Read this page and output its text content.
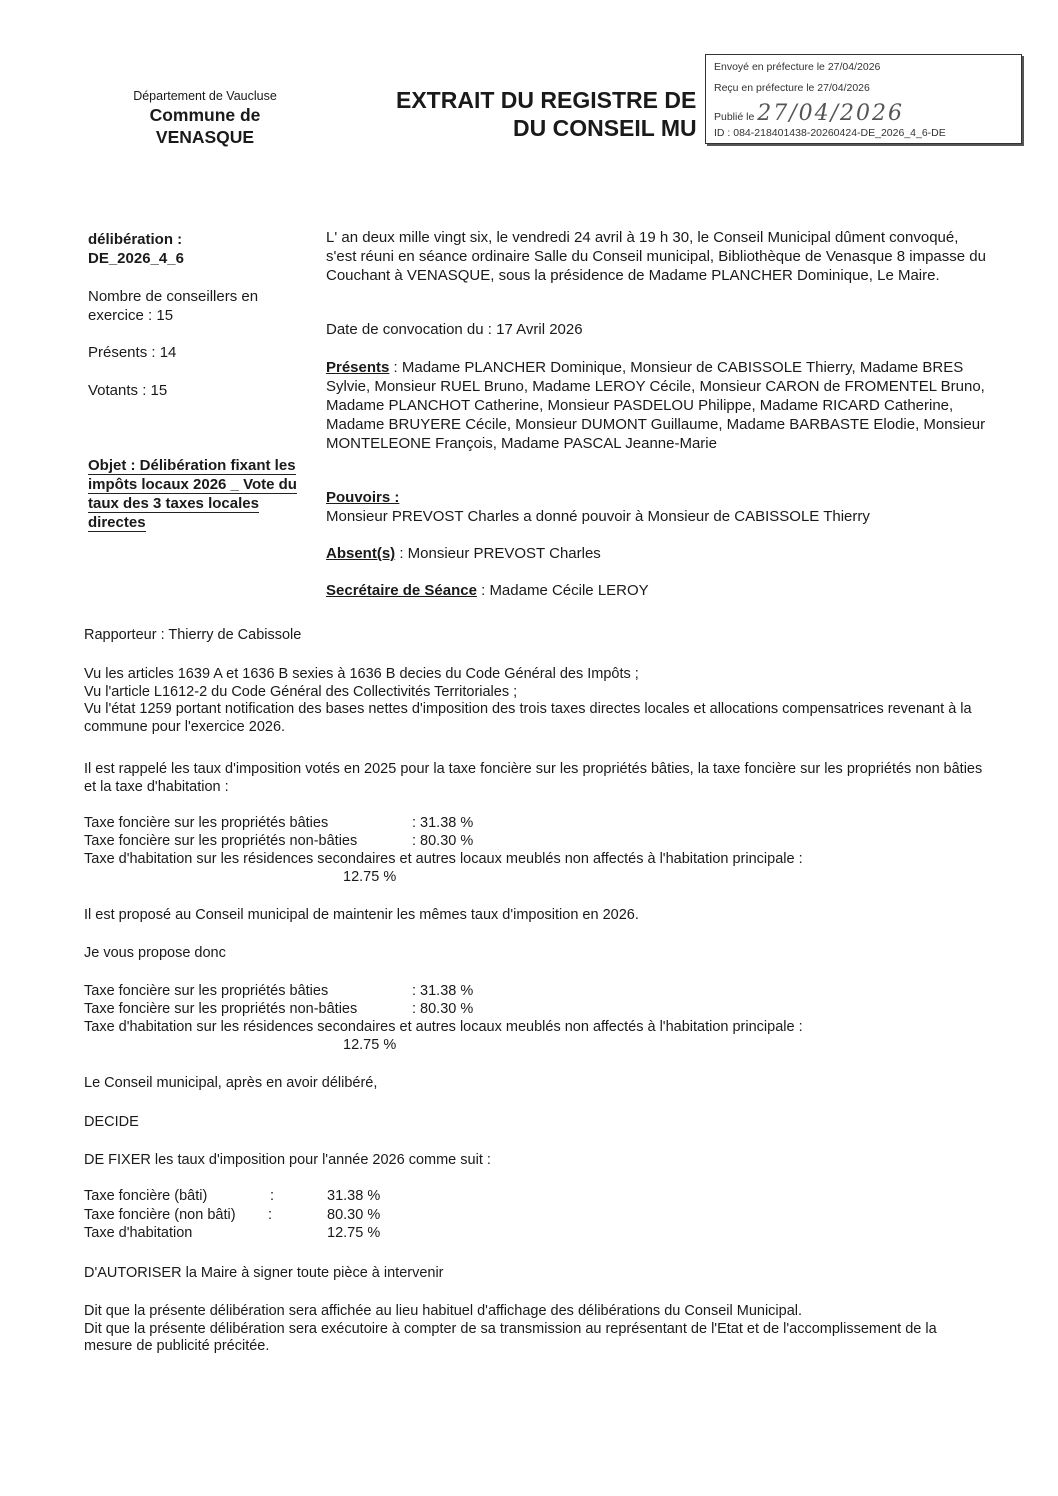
Département de Vaucluse
Commune de
VENASQUE
EXTRAIT DU REGISTRE DE
DU CONSEIL MU
Envoyé en préfecture le 27/04/2026
Reçu en préfecture le 27/04/2026
Publié le 27/04/2026
ID : 084-218401438-20260424-DE_2026_4_6-DE
délibération :
DE_2026_4_6
Nombre de conseillers en exercice : 15
Présents : 14
Votants : 15
Objet : Délibération fixant les impôts locaux 2026 _ Vote du taux des 3 taxes locales directes
L' an deux mille vingt six, le vendredi 24 avril à 19 h 30, le Conseil Municipal dûment convoqué, s'est réuni en séance ordinaire Salle du Conseil municipal, Bibliothèque de Venasque 8 impasse du Couchant à VENASQUE, sous la présidence de Madame PLANCHER Dominique, Le Maire.
Date de convocation du : 17 Avril 2026
Présents : Madame PLANCHER Dominique, Monsieur de CABISSOLE Thierry, Madame BRES Sylvie, Monsieur RUEL Bruno, Madame LEROY Cécile, Monsieur CARON de FROMENTEL Bruno, Madame PLANCHOT Catherine, Monsieur PASDELOU Philippe, Madame RICARD Catherine, Madame BRUYERE Cécile, Monsieur DUMONT Guillaume, Madame BARBASTE Elodie, Monsieur MONTELEONE François, Madame PASCAL Jeanne-Marie
Pouvoirs :
Monsieur PREVOST Charles a donné pouvoir à Monsieur de CABISSOLE Thierry
Absent(s) : Monsieur PREVOST Charles
Secrétaire de Séance : Madame Cécile LEROY
Rapporteur : Thierry de Cabissole
Vu les articles 1639 A et 1636 B sexies à 1636 B decies du Code Général des Impôts ;
Vu l'article L1612-2 du Code Général des Collectivités Territoriales ;
Vu l'état 1259 portant notification des bases nettes d'imposition des trois taxes directes locales et allocations compensatrices revenant à la commune pour l'exercice 2026.
Il est rappelé les taux d'imposition votés en 2025 pour la taxe foncière sur les propriétés bâties, la taxe foncière sur les propriétés non bâties et la taxe d'habitation :
Taxe foncière sur les propriétés bâties	: 31.38 %
Taxe foncière sur les propriétés non-bâties	: 80.30 %
Taxe d'habitation sur les résidences secondaires et autres locaux meublés non affectés à l'habitation principale :
12.75 %
Il est proposé au Conseil municipal de maintenir les mêmes taux d'imposition en 2026.
Je vous propose donc
Taxe foncière sur les propriétés bâties	: 31.38 %
Taxe foncière sur les propriétés non-bâties	: 80.30 %
Taxe d'habitation sur les résidences secondaires et autres locaux meublés non affectés à l'habitation principale :
12.75 %
Le Conseil municipal, après en avoir délibéré,
DECIDE
DE FIXER les taux d'imposition pour l'année 2026 comme suit :
Taxe foncière (bâti)	:	31.38 %
Taxe foncière (non bâti) :	80.30 %
Taxe d'habitation	12.75 %
D'AUTORISER la Maire à signer toute pièce à intervenir
Dit que la présente délibération sera affichée au lieu habituel d'affichage des délibérations du Conseil Municipal.
Dit que la présente délibération sera exécutoire à compter de sa transmission au représentant de l'Etat et de l'accomplissement de la mesure de publicité précitée.
